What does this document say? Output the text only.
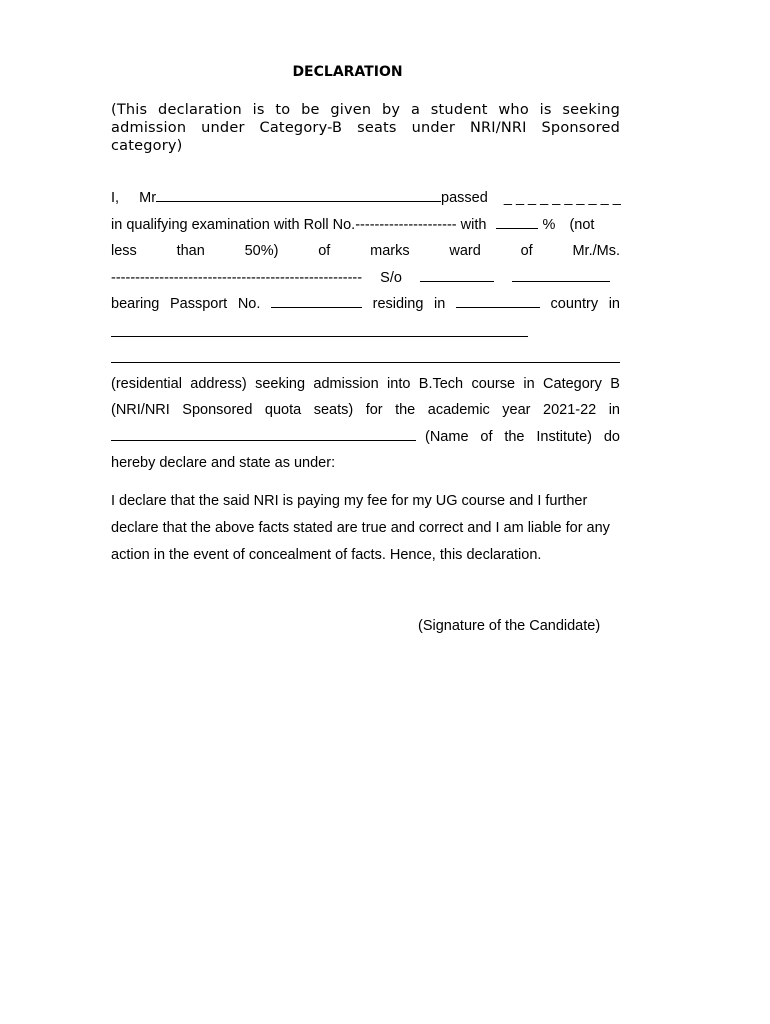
DECLARATION
(This declaration is to be given by a student who is seeking admission under Category-B seats under NRI/NRI Sponsored category)
I, Mr	passed _ _ _ _ _ _ _ _ _ _
in qualifying examination with Roll No.--------------------- with	% (not
less	than	50%)	of	marks	ward	of	Mr./Ms.
---------------------------------------------------- S/o
bearing Passport No.	residing in	country in
(residential address) seeking admission into B.Tech course in Category B
(NRI/NRI Sponsored quota seats) for the academic year 2021-22 in
(Name of the Institute) do
hereby declare and state as under:
I declare that the said NRI is paying my fee for my UG course and I further declare that the above facts stated are true and correct and I am liable for any action in the event of concealment of facts. Hence, this declaration.
(Signature of the Candidate)
